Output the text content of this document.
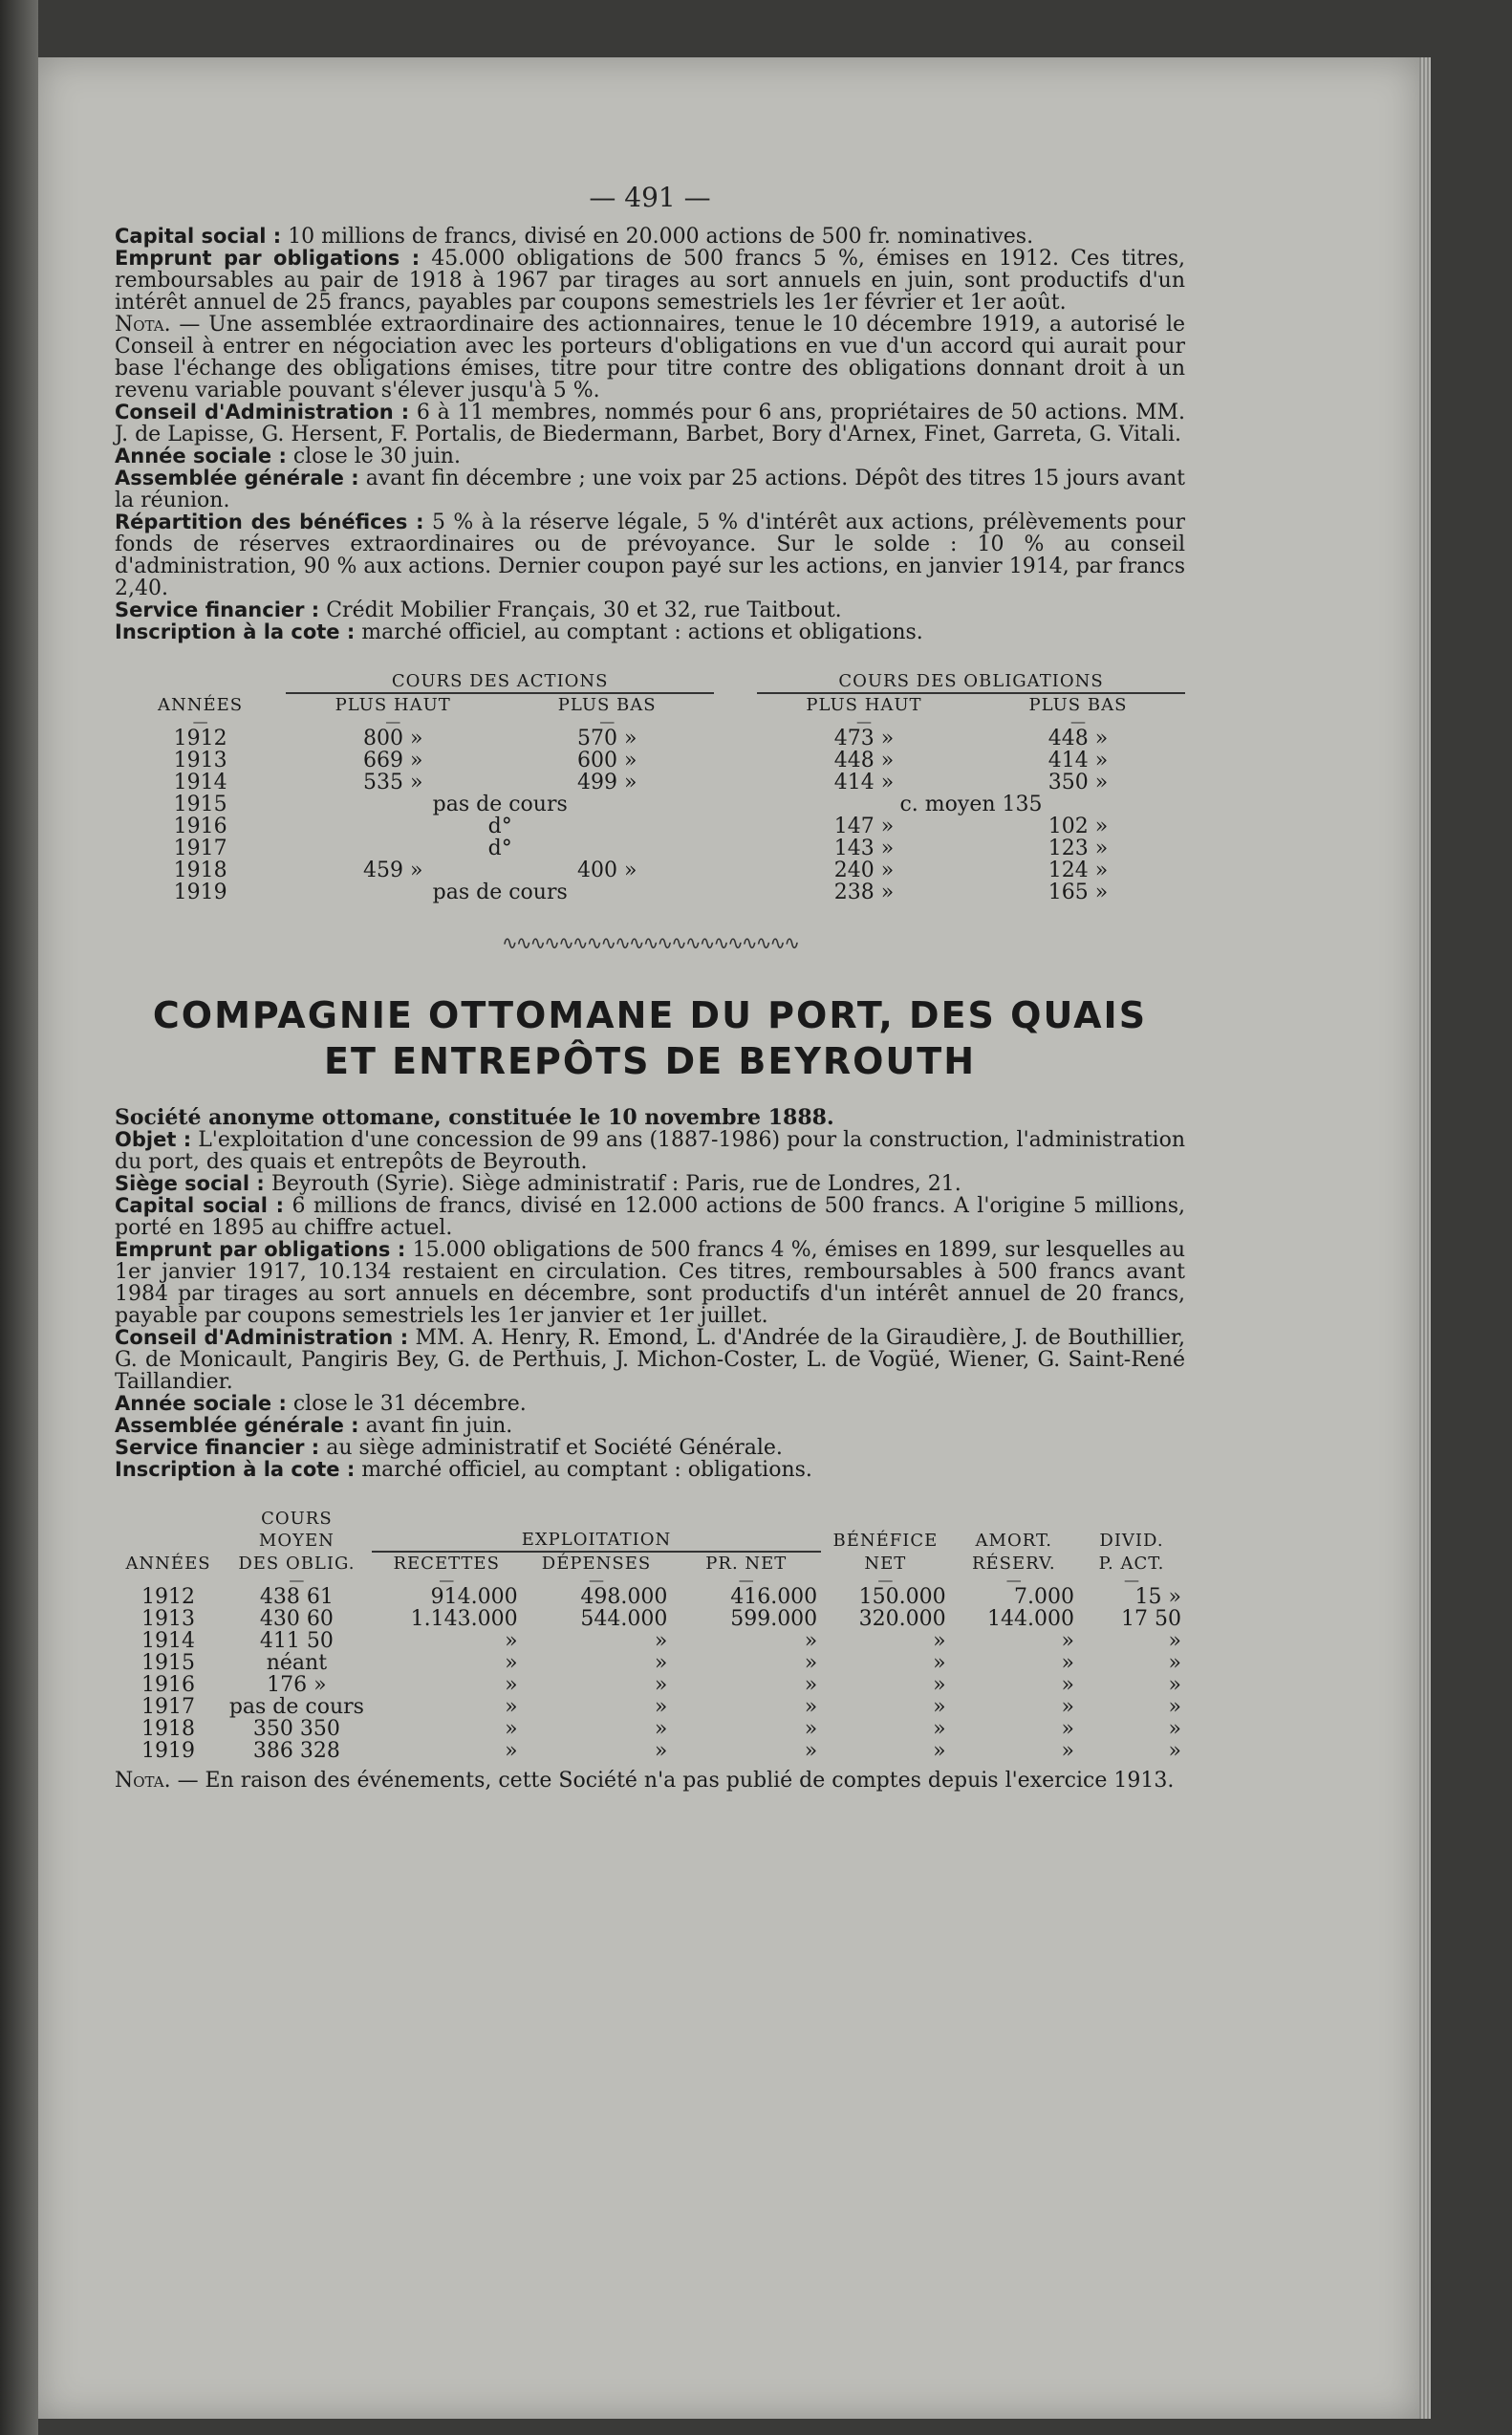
— 491 —

Capital social : 10 millions de francs, divisé en 20.000 actions de 500 fr. nominatives.

Emprunt par obligations : 45.000 obligations de 500 francs 5 %, émises en 1912. Ces titres, remboursables au pair de 1918 à 1967 par tirages au sort annuels en juin, sont productifs d'un intérêt annuel de 25 francs, payables par coupons semestriels les 1er février et 1er août.

Nota. — Une assemblée extraordinaire des actionnaires, tenue le 10 décembre 1919, a autorisé le Conseil à entrer en négociation avec les porteurs d'obligations en vue d'un accord qui aurait pour base l'échange des obligations émises, titre pour titre contre des obligations donnant droit à un revenu variable pouvant s'élever jusqu'à 5 %.

Conseil d'Administration : 6 à 11 membres, nommés pour 6 ans, propriétaires de 50 actions. MM. J. de Lapisse, G. Hersent, F. Portalis, de Biedermann, Barbet, Bory d'Arnex, Finet, Garreta, G. Vitali.

Année sociale : close le 30 juin.

Assemblée générale : avant fin décembre ; une voix par 25 actions. Dépôt des titres 15 jours avant la réunion.

Répartition des bénéfices : 5 % à la réserve légale, 5 % d'intérêt aux actions, prélèvements pour fonds de réserves extraordinaires ou de prévoyance. Sur le solde : 10 % au conseil d'administration, 90 % aux actions. Dernier coupon payé sur les actions, en janvier 1914, par francs 2,40.

Service financier : Crédit Mobilier Français, 30 et 32, rue Taitbout.

Inscription à la cote : marché officiel, au comptant : actions et obligations.

ANNÉES	COURS DES ACTIONS			COURS DES OBLIGATIONS	
	PLUS HAUT	PLUS BAS		PLUS HAUT	PLUS BAS
—	—	—		—	—
1912	800 »	570 »		473 »	448 »
1913	669 »	600 »		448 »	414 »
1914	535 »	499 »		414 »	350 »
1915	pas de cours			c. moyen 135	
1916	d°			147 »	102 »
1917	d°			143 »	123 »
1918	459 »	400 »		240 »	124 »
1919	pas de cours			238 »	165 »
∿∿∿∿∿∿∿∿∿∿∿∿∿∿∿∿∿∿∿∿∿
COMPAGNIE OTTOMANE DU PORT, DES QUAIS
ET ENTREPÔTS DE BEYROUTH

Société anonyme ottomane, constituée le 10 novembre 1888.

Objet : L'exploitation d'une concession de 99 ans (1887-1986) pour la construction, l'administration du port, des quais et entrepôts de Beyrouth.

Siège social : Beyrouth (Syrie). Siège administratif : Paris, rue de Londres, 21.

Capital social : 6 millions de francs, divisé en 12.000 actions de 500 francs. A l'origine 5 millions, porté en 1895 au chiffre actuel.

Emprunt par obligations : 15.000 obligations de 500 francs 4 %, émises en 1899, sur lesquelles au 1er janvier 1917, 10.134 restaient en circulation. Ces titres, remboursables à 500 francs avant 1984 par tirages au sort annuels en décembre, sont productifs d'un intérêt annuel de 20 francs, payable par coupons semestriels les 1er janvier et 1er juillet.

Conseil d'Administration : MM. A. Henry, R. Emond, L. d'Andrée de la Giraudière, J. de Bouthillier, G. de Monicault, Pangiris Bey, G. de Perthuis, J. Michon-Coster, L. de Vogüé, Wiener, G. Saint-René Taillandier.

Année sociale : close le 31 décembre.

Assemblée générale : avant fin juin.

Service financier : au siège administratif et Société Générale.

Inscription à la cote : marché officiel, au comptant : obligations.

ANNÉES	COURS MOYEN	EXPLOITATION			BÉNÉFICE	AMORT.	DIVID.
	DES OBLIG.	RECETTES	DÉPENSES	PR. NET	NET	RÉSERV.	P. ACT.
	—	—	—	—	—	—	—
1912	438 61	914.000	498.000	416.000	150.000	7.000	15 »
1913	430 60	1.143.000	544.000	599.000	320.000	144.000	17 50
1914	411 50	»	»	»	»	»	»
1915	néant	»	»	»	»	»	»
1916	176 »	»	»	»	»	»	»
1917	pas de cours	»	»	»	»	»	»
1918	350 350	»	»	»	»	»	»
1919	386 328	»	»	»	»	»	»

Nota. — En raison des événements, cette Société n'a pas publié de comptes depuis l'exercice 1913.
